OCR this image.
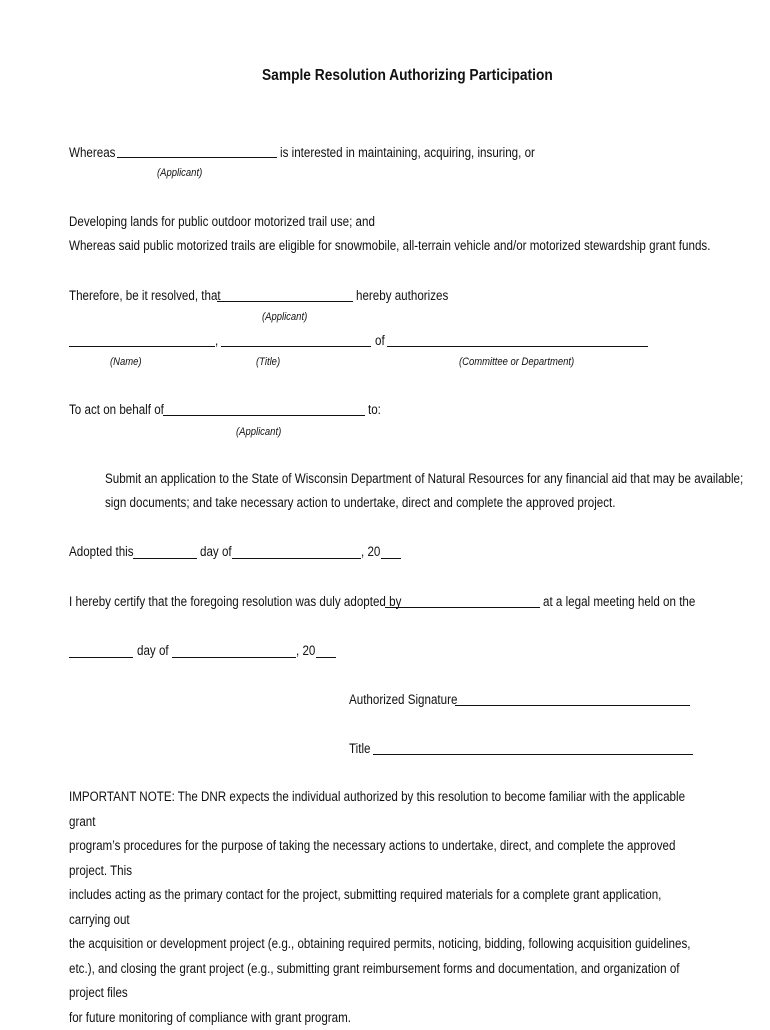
Sample Resolution Authorizing Participation
Whereas	is interested in maintaining, acquiring, insuring, or
(Applicant)
Developing lands for public outdoor motorized trail use; and
Whereas said public motorized trails are eligible for snowmobile, all-terrain vehicle and/or motorized stewardship grant funds.
Therefore, be it resolved, that	hereby authorizes
(Applicant)
,	of
(Name)	(Title)	(Committee or Department)
To act on behalf of	to:
(Applicant)
Submit an application to the State of Wisconsin Department of Natural Resources for any financial aid that may be available;
sign documents; and take necessary action to undertake, direct and complete the approved project.
Adopted this	day of	, 20
I hereby certify that the foregoing resolution was duly adopted by	at a legal meeting held on the
day of	, 20
Authorized Signature
Title
IMPORTANT NOTE: The DNR expects the individual authorized by this resolution to become familiar with the applicable grant
program’s procedures for the purpose of taking the necessary actions to undertake, direct, and complete the approved project. This
includes acting as the primary contact for the project, submitting required materials for a complete grant application, carrying out
the acquisition or development project (e.g., obtaining required permits, noticing, bidding, following acquisition guidelines,
etc.), and closing the grant project (e.g., submitting grant reimbursement forms and documentation, and organization of project files
for future monitoring of compliance with grant program.
